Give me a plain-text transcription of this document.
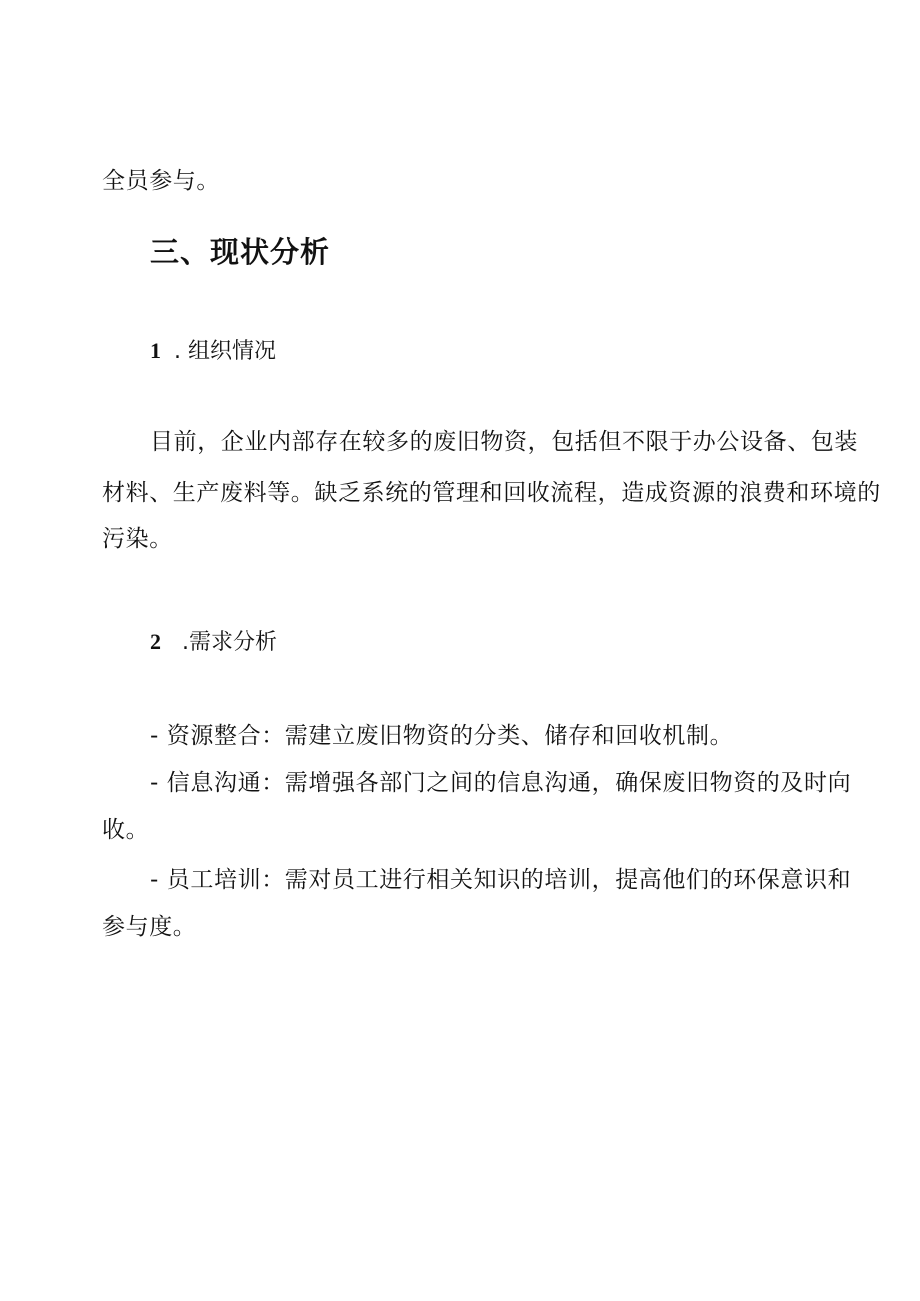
全员参与。
三、现状分析
1 . 组织情况
目前，企业内部存在较多的废旧物资，包括但不限于办公设备、包装
材料、生产废料等。缺乏系统的管理和回收流程，造成资源的浪费和环境的
污染。
2 .需求分析
- 资源整合：需建立废旧物资的分类、储存和回收机制。
- 信息沟通：需增强各部门之间的信息沟通，确保废旧物资的及时向
收。
- 员工培训：需对员工进行相关知识的培训，提高他们的环保意识和
参与度。
